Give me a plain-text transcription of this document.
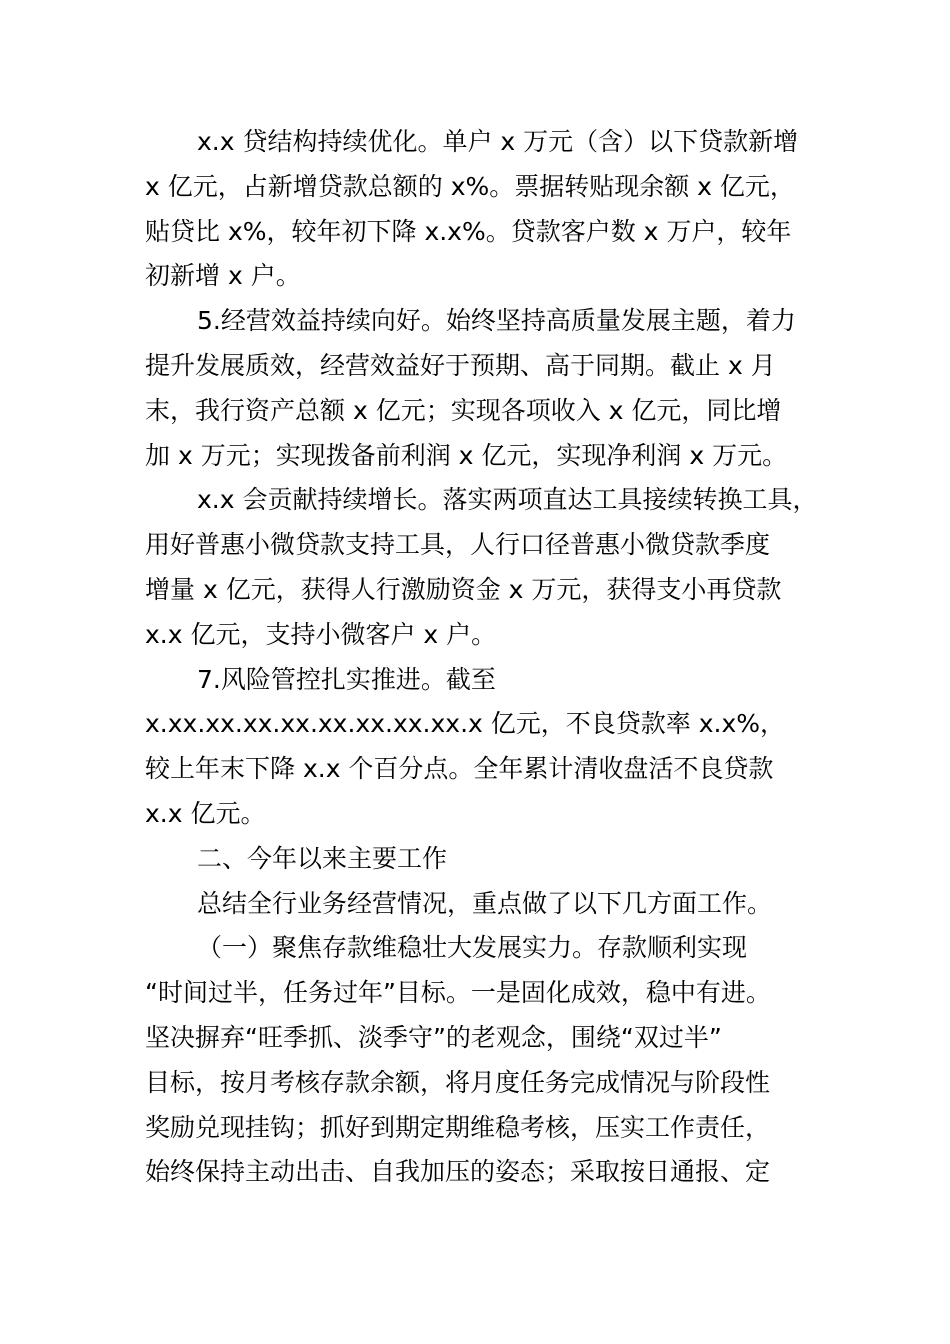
x.x 贷结构持续优化。单户 x 万元（含）以下贷款新增
x 亿元，占新增贷款总额的 x%。票据转贴现余额 x 亿元，
贴贷比 x%，较年初下降 x.x%。贷款客户数 x 万户，较年
初新增 x 户。
5.经营效益持续向好。始终坚持高质量发展主题，着力
提升发展质效，经营效益好于预期、高于同期。截止 x 月
末，我行资产总额 x 亿元；实现各项收入 x 亿元，同比增
加 x 万元；实现拨备前利润 x 亿元，实现净利润 x 万元。
x.x 会贡献持续增长。落实两项直达工具接续转换工具，
用好普惠小微贷款支持工具，人行口径普惠小微贷款季度
增量 x 亿元，获得人行激励资金 x 万元，获得支小再贷款
x.x 亿元，支持小微客户 x 户。
7.风险管控扎实推进。截至
x.xx.xx.xx.xx.xx.xx.xx.xx.x 亿元，不良贷款率 x.x%，
较上年末下降 x.x 个百分点。全年累计清收盘活不良贷款
x.x 亿元。
二、今年以来主要工作
总结全行业务经营情况，重点做了以下几方面工作。
（一）聚焦存款维稳壮大发展实力。存款顺利实现
“时间过半，任务过年”目标。一是固化成效，稳中有进。
坚决摒弃“旺季抓、淡季守”的老观念，围绕“双过半”
目标，按月考核存款余额，将月度任务完成情况与阶段性
奖励兑现挂钩；抓好到期定期维稳考核，压实工作责任，
始终保持主动出击、自我加压的姿态；采取按日通报、定
